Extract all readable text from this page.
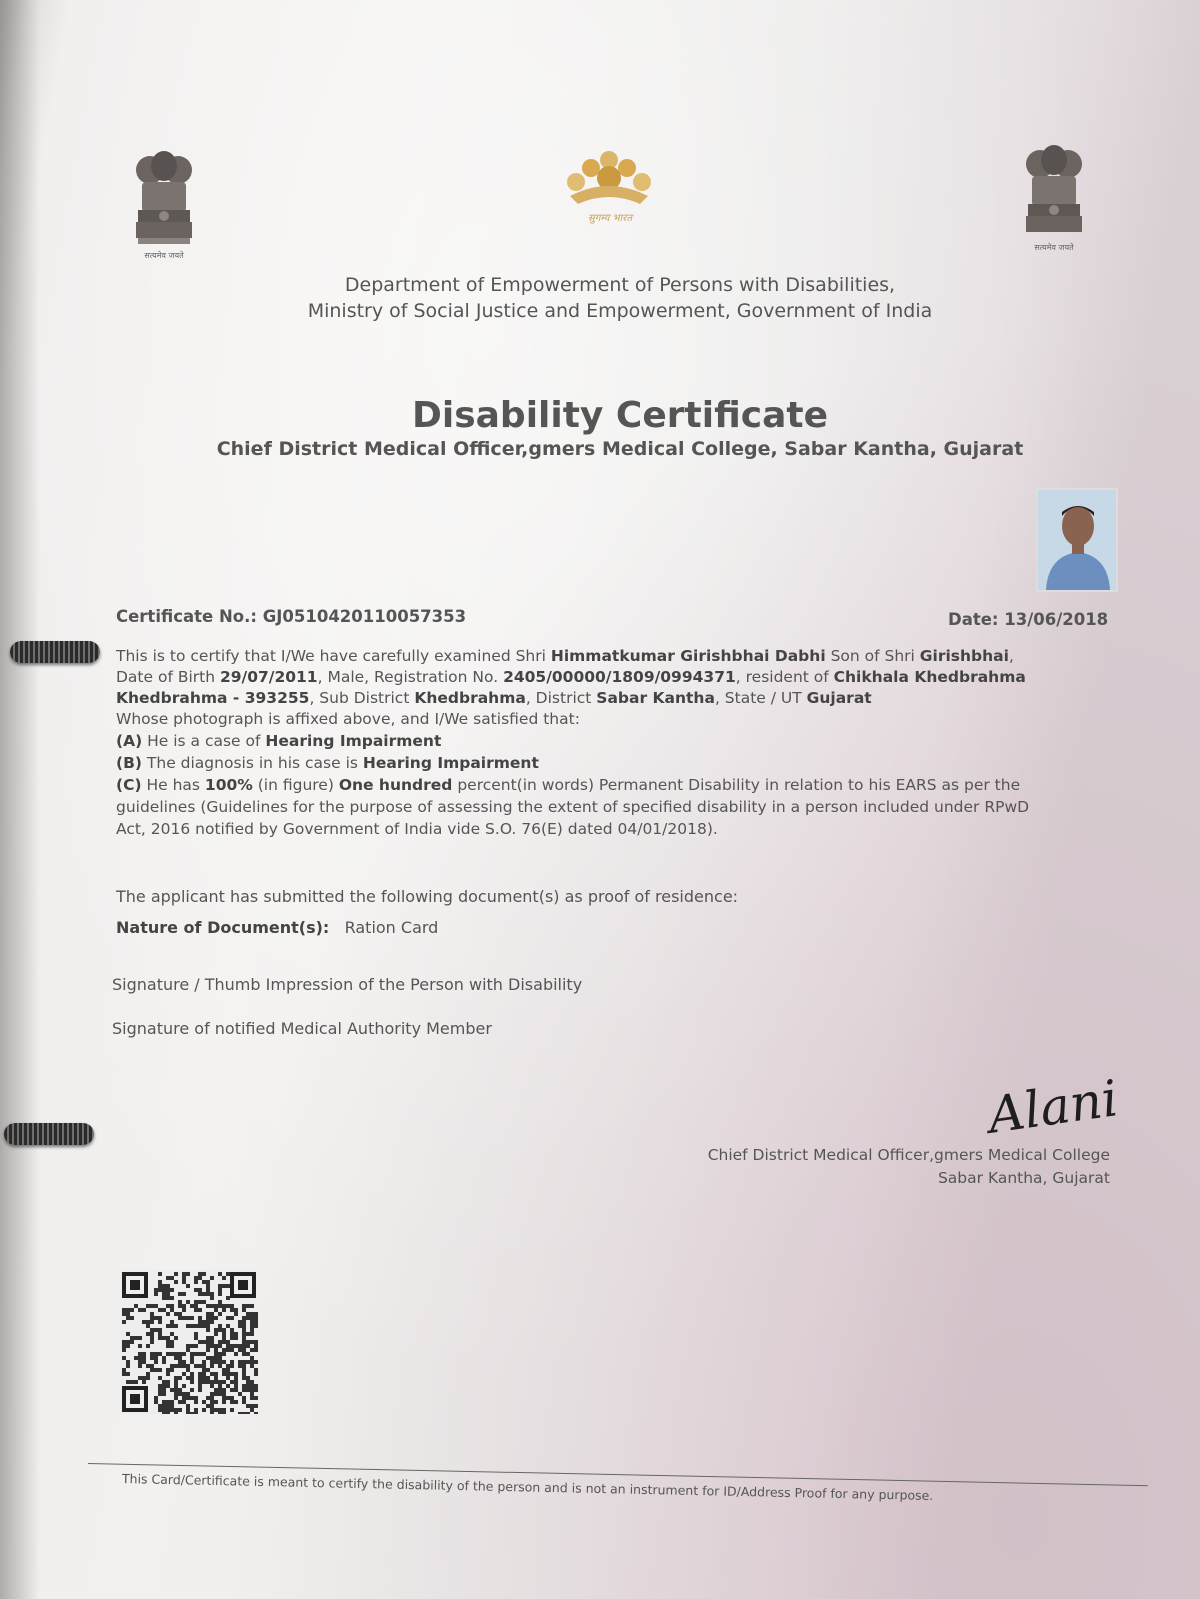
सत्यमेव जयते
सुगम्य भारत
सत्यमेव जयते
Department of Empowerment of Persons with Disabilities,
Ministry of Social Justice and Empowerment, Government of India
Disability Certificate
Chief District Medical Officer,gmers Medical College, Sabar Kantha, Gujarat
Certificate No.: GJ0510420110057353	Date: 13/06/2018
This is to certify that I/We have carefully examined Shri Himmatkumar Girishbhai Dabhi Son of Shri Girishbhai,
Date of Birth 29/07/2011, Male, Registration No. 2405/00000/1809/0994371, resident of Chikhala Khedbrahma
Khedbrahma - 393255, Sub District Khedbrahma, District Sabar Kantha, State / UT Gujarat
Whose photograph is affixed above, and I/We satisfied that:
(A) He is a case of Hearing Impairment
(B) The diagnosis in his case is Hearing Impairment
(C) He has 100% (in figure) One hundred percent(in words) Permanent Disability in relation to his EARS as per the
guidelines (Guidelines for the purpose of assessing the extent of specified disability in a person included under RPwD
Act, 2016 notified by Government of India vide S.O. 76(E) dated 04/01/2018).
The applicant has submitted the following document(s) as proof of residence:
Nature of Document(s): Ration Card
Signature / Thumb Impression of the Person with Disability
Signature of notified Medical Authority Member
Alani
Chief District Medical Officer,gmers Medical College
Sabar Kantha, Gujarat
This Card/Certificate is meant to certify the disability of the person and is not an instrument for ID/Address Proof for any purpose.
